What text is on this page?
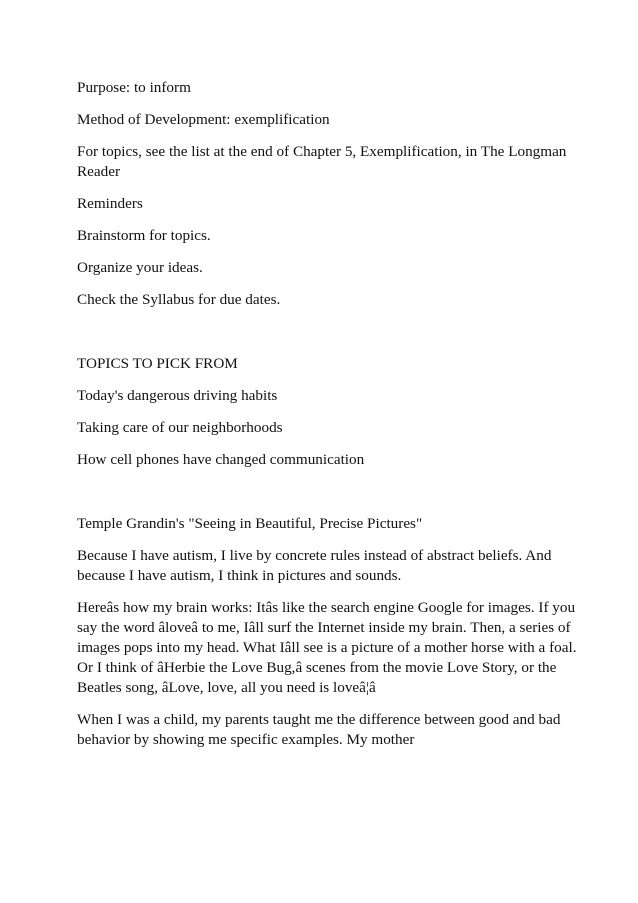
Purpose: to inform

Method of Development: exemplification

For topics, see the list at the end of Chapter 5, Exemplification, in The Longman Reader

Reminders

Brainstorm for topics.

Organize your ideas.

Check the Syllabus for due dates.

TOPICS TO PICK FROM

Today's dangerous driving habits

Taking care of our neighborhoods

How cell phones have changed communication

Temple Grandin's "Seeing in Beautiful, Precise Pictures"

Because I have autism, I live by concrete rules instead of abstract beliefs. And because I have autism, I think in pictures and sounds.

Hereâs how my brain works: Itâs like the search engine Google for images. If you say the word âloveâ to me, Iâll surf the Internet inside my brain. Then, a series of images pops into my head. What Iâll see is a picture of a mother horse with a foal. Or I think of âHerbie the Love Bug,â scenes from the movie Love Story, or the Beatles song, âLove, love, all you need is loveâ¦â

When I was a child, my parents taught me the difference between good and bad behavior by showing me specific examples. My mother
